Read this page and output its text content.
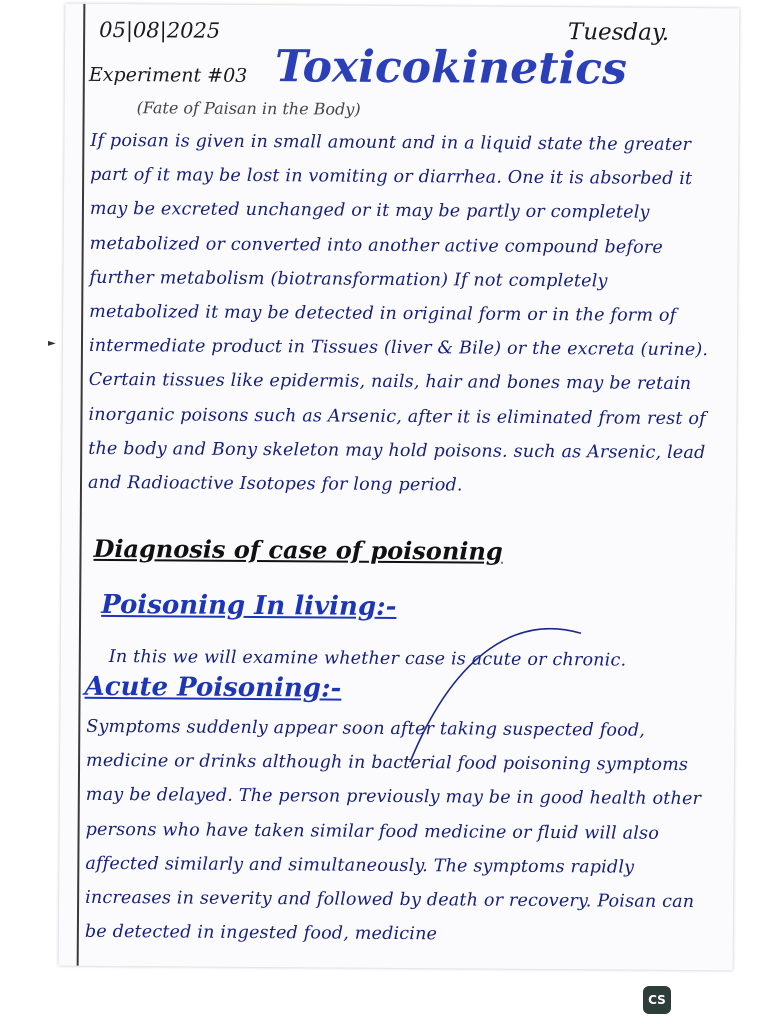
05|08|2025	Tuesday.
Experiment #03 Toxicokinetics
(Fate of Paisan in the Body)

If poisan is given in small amount and in a liquid state the greater part of it may be lost in vomiting or diarrhea. One it is absorbed it may be excreted unchanged or it may be partly or completely metabolized or converted into another active compound before further metabolism (biotransformation) If not completely metabolized it may be detected in original form or in the form of intermediate product in Tissues (liver & Bile) or the excreta (urine). Certain tissues like epidermis, nails, hair and bones may be retain inorganic poisons such as Arsenic, after it is eliminated from rest of the body and Bony skeleton may hold poisons. such as Arsenic, lead and Radioactive Isotopes for long period.

Diagnosis of case of poisoning
Poisoning In living:-

In this we will examine whether case is acute or chronic.

Acute Poisoning:-

Symptoms suddenly appear soon after taking suspected food, medicine or drinks although in bacterial food poisoning symptoms may be delayed. The person previously may be in good health other persons who have taken similar food medicine or fluid will also affected similarly and simultaneously. The symptoms rapidly increases in severity and followed by death or recovery. Poisan can be detected in ingested food, medicine

►
CS
